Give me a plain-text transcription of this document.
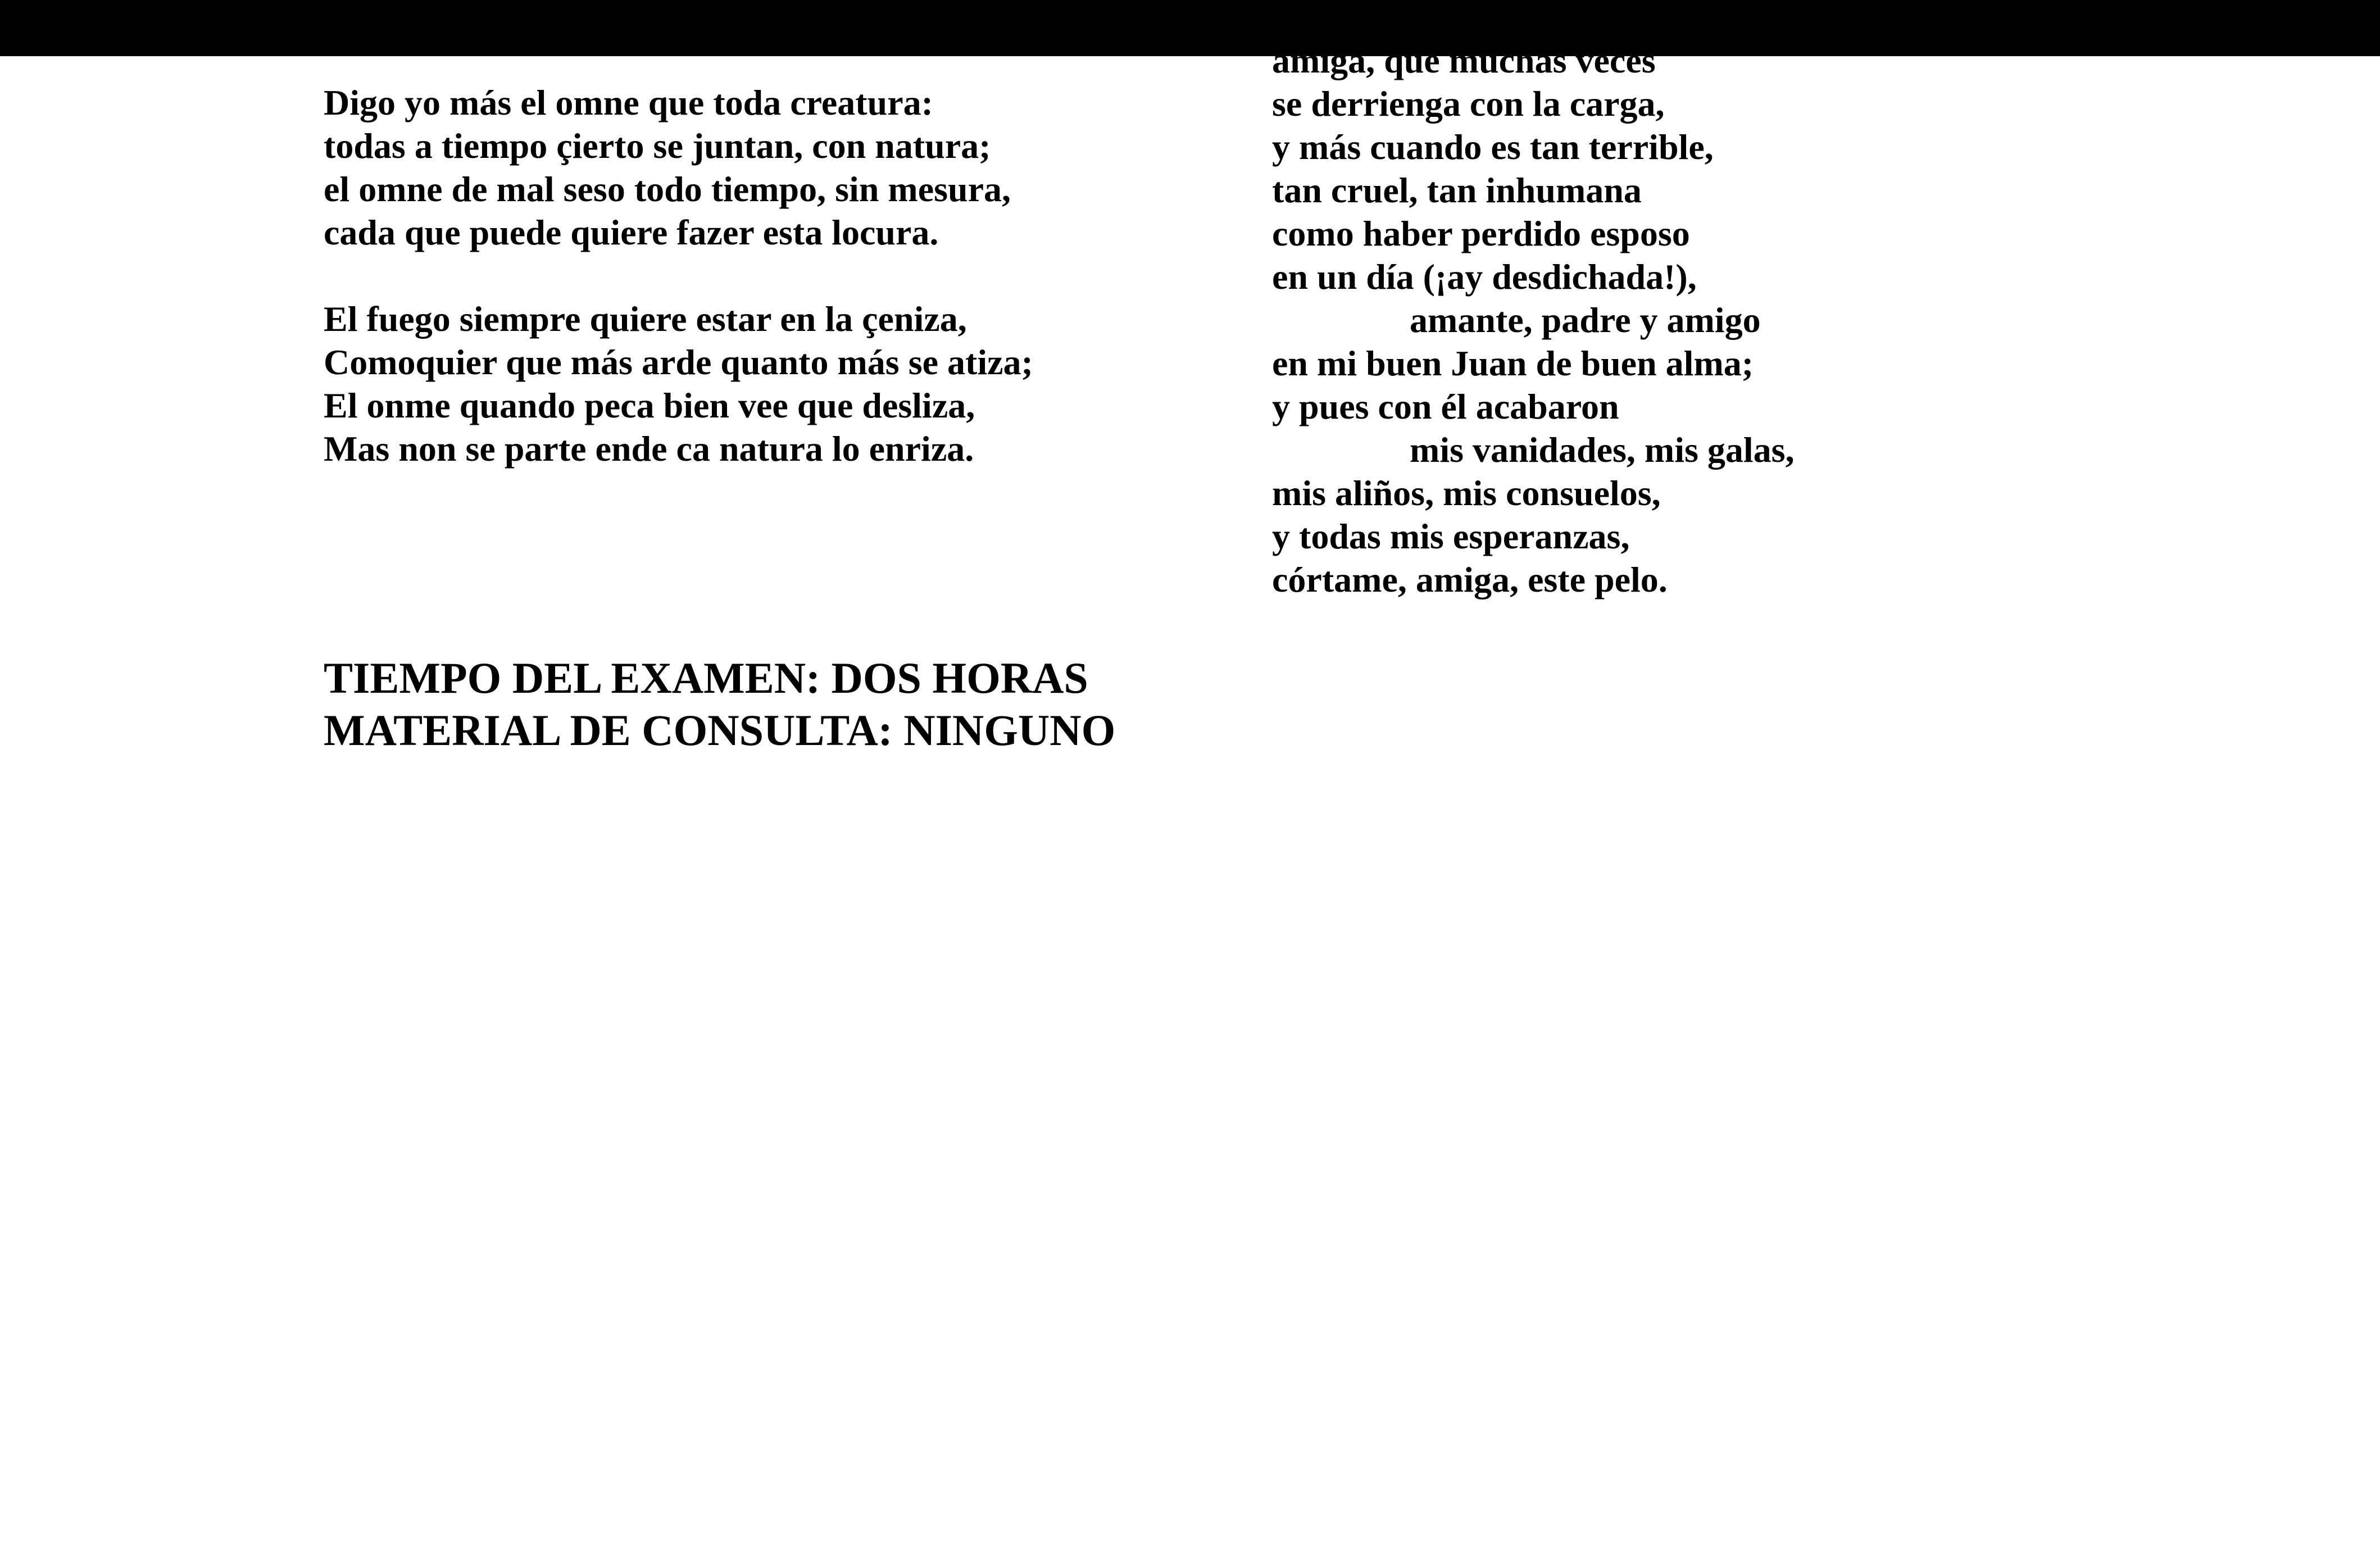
Digo yo más el omne que toda creatura:
todas a tiempo çierto se juntan, con natura;
el omne de mal seso todo tiempo, sin mesura,
cada que puede quiere fazer esta locura.
El fuego siempre quiere estar en la çeniza,
Comoquier que más arde quanto más se atiza;
El onme quando peca bien vee que desliza,
Mas non se parte ende ca natura lo enriza.
amiga, que muchas veces
se derrienga con la carga,
y más cuando es tan terrible,
tan cruel, tan inhumana
como haber perdido esposo
en un día (¡ay desdichada!),
amante, padre y amigo
en mi buen Juan de buen alma;
y pues con él acabaron
mis vanidades, mis galas,
mis aliños, mis consuelos,
y todas mis esperanzas,
córtame, amiga, este pelo.
TIEMPO DEL EXAMEN: DOS HORAS
MATERIAL DE CONSULTA: NINGUNO
